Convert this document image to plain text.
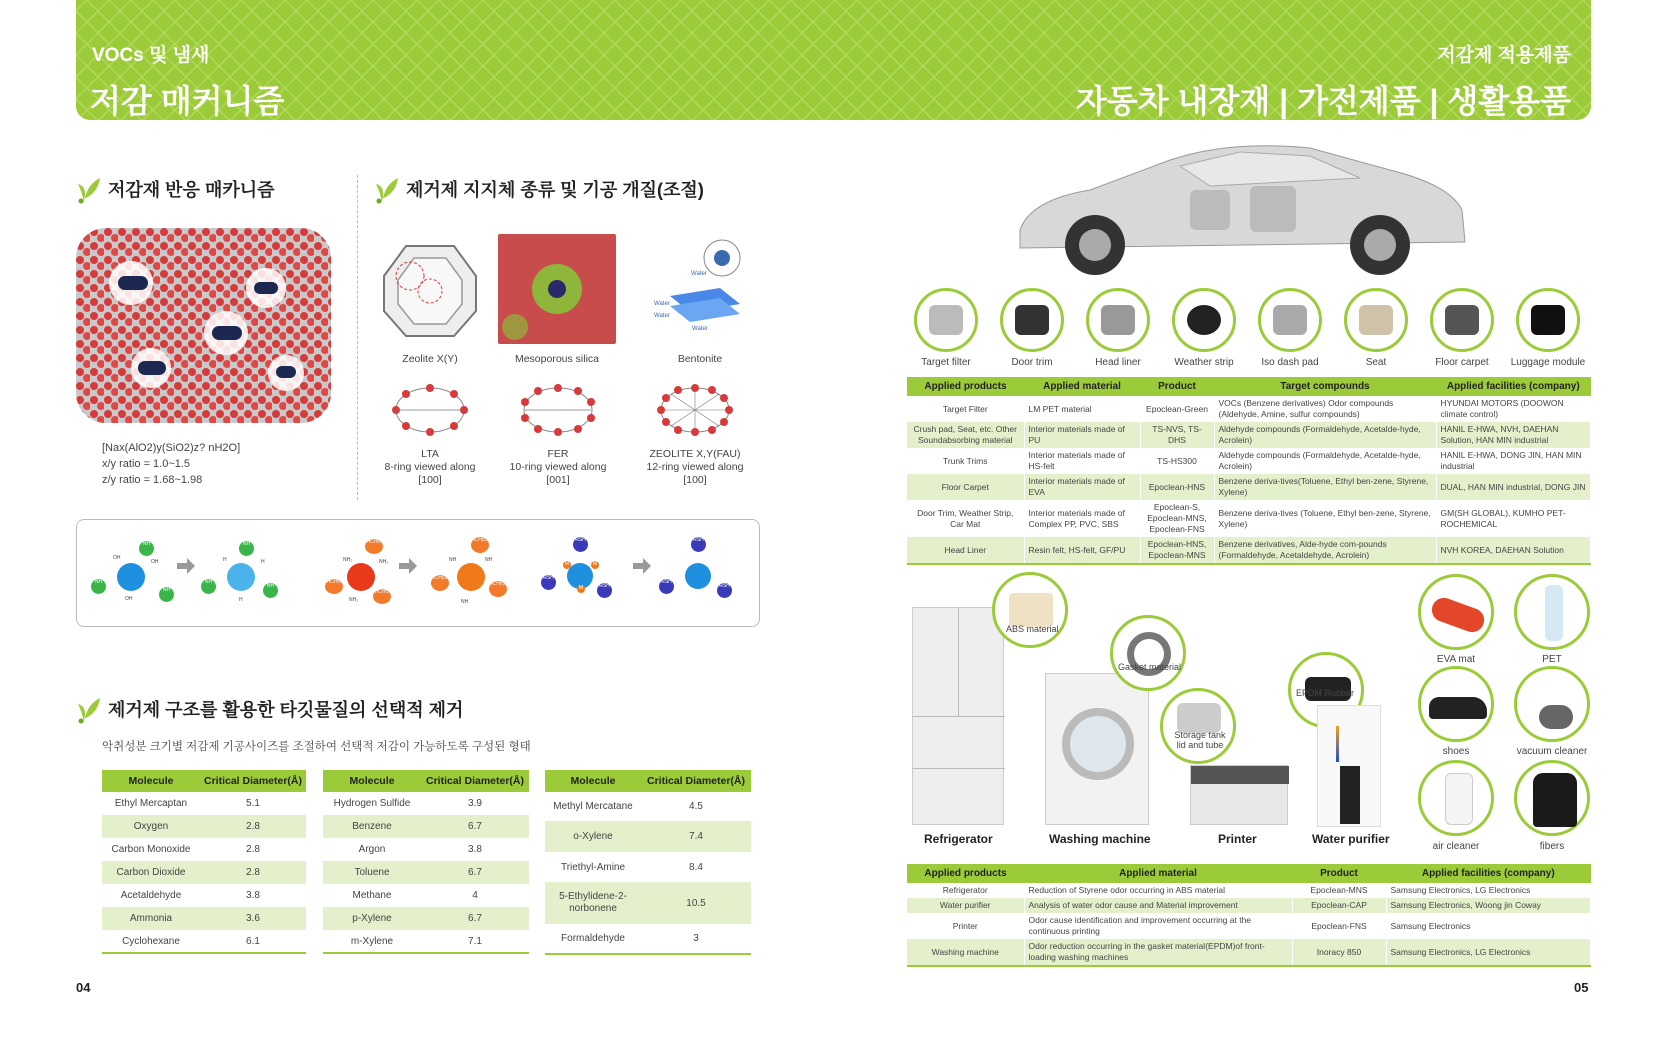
VOCs 및 냄새
저감 매커니즘
저감제 적용제품
자동차 내장재 | 가전제품 | 생활용품
저감재 반응 매카니즘	제거제 지지체 종류 및 기공 개질(조절)
제거제 구조를 활용한 타깃물질의 선택적 제거
악취성분 크기별 저감제 기공사이즈를 조절하여 선택적 저감이 가능하도록 구성된 형태
[Nax(AlO2)y(SiO2)z? nH2O]
x/y ratio = 1.0~1.5
z/y ratio = 1.68~1.98
Water
Water
Water
Water
Zeolite X(Y)	Mesoporous silica	Bentonite
LTA
8-ring viewed along
[100]
FER
10-ring viewed along
[001]
ZEOLITE X,Y(FAU)
12-ring viewed along
[100]
NH
OH
OH
NH
NH
OH
NH
NH
NH
H	H
H
HCHO
HCHO
HCHO
NH₂	NH₂
NH₂
HCH(OH)
HCH(OH)
HCH(OH)
NH	NH
NH
RSH
RSH
RSH
M	M
M
RSH
RSH
RSH
Molecule	Critical Diameter(Å)
Ethyl Mercaptan	5.1
Oxygen	2.8
Carbon Monoxide	2.8
Carbon Dioxide	2.8
Acetaldehyde	3.8
Ammonia	3.6
Cyclohexane	6.1
Molecule	Critical Diameter(Å)
Hydrogen Sulfide	3.9
Benzene	6.7
Argon	3.8
Toluene	6.7
Methane	4
p-Xylene	6.7
m-Xylene	7.1
Molecule	Critical Diameter(Å)
Methyl Mercatane	4.5
o-Xylene	7.4
Triethyl-Amine	8.4
5-Ethylidene-2-norbonene	10.5
Formaldehyde	3
04	05
Target filter	Door trim	Head liner	Weather strip	Iso dash pad	Seat	Floor carpet	Luggage module
Applied products	Applied material	Product	Target compounds	Applied facilities (company)
Target Filter	LM PET material	Epoclean-Green	VOCs (Benzene derivatives) Odor compounds (Aldehyde, Amine, sulfur compounds)	HYUNDAI MOTORS (DOOWON climate control)
Crush pad, Seat, etc. Other Soundabsorbing material	Interior materials made of PU	TS-NVS, TS-DHS	Aldehyde compounds (Formaldehyde, Acetalde-hyde, Acrolein)	HANIL E-HWA, NVH, DAEHAN Solution, HAN MIN industrial
Trunk Trims	Interior materials made of HS-felt	TS-HS300	Aldehyde compounds (Formaldehyde, Acetalde-hyde, Acrolein)	HANIL E-HWA, DONG JIN, HAN MIN industrial
Floor Carpet	Interior materials made of EVA	Epoclean-HNS	Benzene deriva-tives(Toluene, Ethyl ben-zene, Styrene, Xylene)	DUAL, HAN MIN industrial, DONG JIN
Door Trim, Weather Strip, Car Mat	Interior materials made of Complex PP, PVC, SBS	Epoclean-S, Epoclean-MNS, Epoclean-FNS	Benzene deriva-tives (Toluene, Ethyl ben-zene, Styrene, Xylene)	GM(SH GLOBAL), KUMHO PET-ROCHEMICAL
Head Liner	Resin felt, HS-felt, GF/PU	Epoclean-HNS, Epoclean-MNS	Benzene derivatives, Alde-hyde com-pounds (Formaldehyde, Acetaldehyde, Acrolein)	NVH KOREA, DAEHAN Solution
ABS material
Gasket material
Storage tank lid and tube
EPDM Rubber
Refrigerator	Washing machine	Printer	Water purifier
EVA mat	PET
shoes	vacuum cleaner
air cleaner	fibers
Applied products	Applied material	Product	Applied facilities (company)
Refrigerator	Reduction of Styrene odor occurring in ABS material	Epoclean-MNS	Samsung Electronics, LG Electronics
Water purifier	Analysis of water odor cause and Material improvement	Epoclean-CAP	Samsung Electronics, Woong jin Coway
Printer	Odor cause identification and improvement occurring at the continuous printing	Epoclean-FNS	Samsung Electronics
Washing machine	Odor reduction occurring in the gasket material(EPDM)of front-loading washing machines	Inoracy 850	Samsung Electronics, LG Electronics
